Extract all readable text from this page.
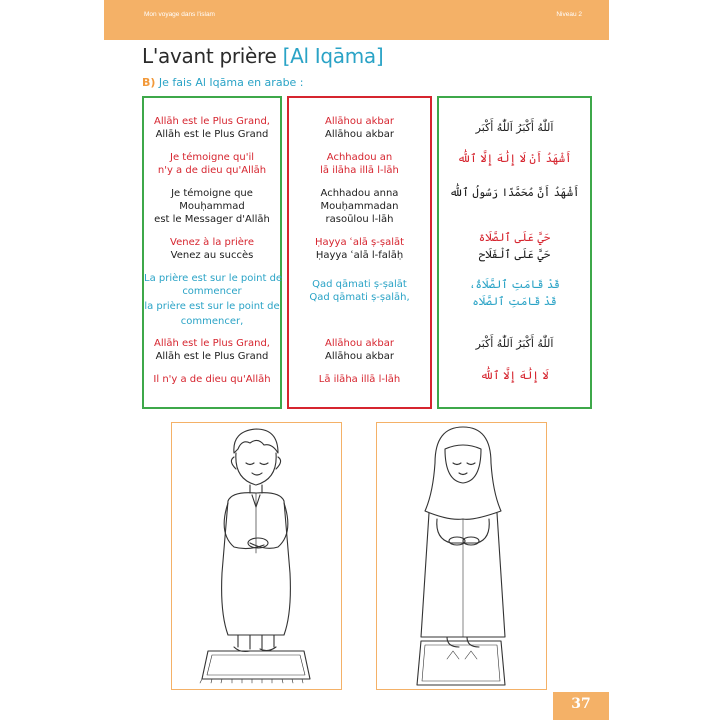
Mon voyage dans l'islam	Niveau 2
L'avant prière [Al Iqāma]
B) Je fais Al Iqāma en arabe :
Allāh est le Plus Grand,
Allāh est le Plus Grand
Je témoigne qu'il
n'y a de dieu qu'Allāh
Je témoigne que
Mouḥammad
est le Messager d'Allāh
Venez à la prière
Venez au succès
La prière est sur le point de
commencer
la prière est sur le point de
commencer,
Allāh est le Plus Grand,
Allāh est le Plus Grand
Il n'y a de dieu qu'Allāh
Allāhou akbar
Allāhou akbar
Achhadou an
lā ilāha illā l-lāh
Achhadou anna
Mouḥammadan
rasoūlou l-lāh
Ḥayya ʿalā ṣ-ṣalāt
Ḥayya ʿalā l-falāḥ
Qad qāmati ṣ-ṣalāt
Qad qāmati ṣ-ṣalāh,
Allāhou akbar
Allāhou akbar
Lā ilāha illā l-lāh
اَللّٰهُ أَكْبَرُ اَللّٰهُ أَكْبَر
أَشْهَدُ أَنْ لَا إِلَٰهَ إِلَّا ٱللَّٰه
أَشْهَدُ أَنَّ مُحَمَّدًا رَسُولُ ٱللَّٰه
حَيَّ عَلَى ٱلصَّلَاة
حَيَّ عَلَى ٱلْفَلَاح
قَدْ قَامَتِ ٱلصَّلَاةُ،
قَدْ قَامَتِ ٱلصَّلَاه
اَللّٰهُ أَكْبَرُ اَللّٰهُ أَكْبَر
لَا إِلَٰهَ إِلَّا ٱللَّٰه
37
